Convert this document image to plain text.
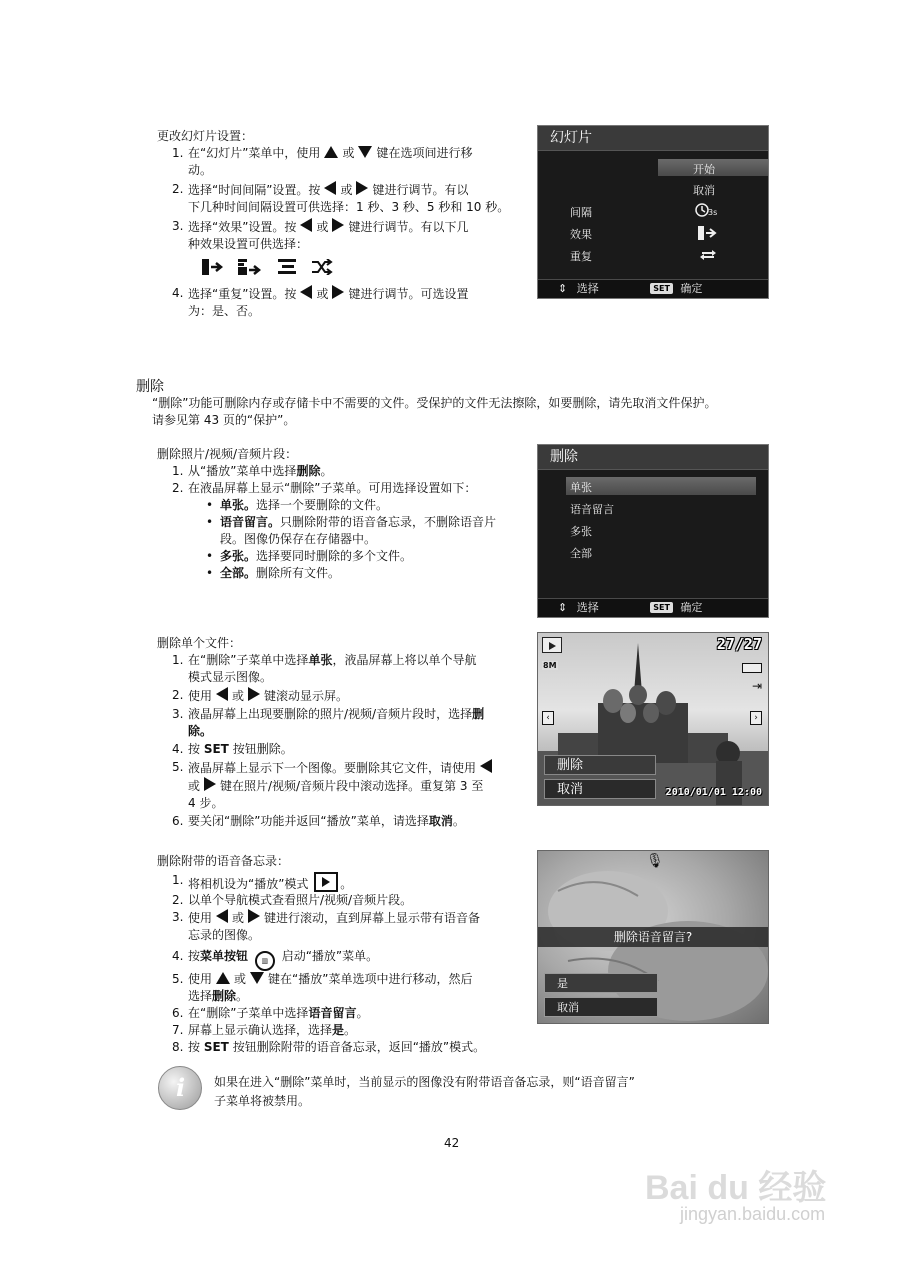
更改幻灯片设置：
1. 在“幻灯片”菜单中，使用 或 键在选项间进行移
动。
2. 选择“时间间隔”设置。按 或 键进行调节。有以
下几种时间间隔设置可供选择：1 秒、3 秒、5 秒和 10 秒。
3. 选择“效果”设置。按 或 键进行调节。有以下几
种效果设置可供选择：

4. 选择“重复”设置。按 或 键进行调节。可选设置
为：是、否。
幻灯片
开始
取消
间隔	3s
效果
重复
⇕ 选择	SET 确定
删除
“删除”功能可删除内存或存储卡中不需要的文件。受保护的文件无法擦除，如要删除，请先取消文件保护。
请参见第 43 页的“保护”。
删除照片/视频/音频片段：
1. 从“播放”菜单中选择删除。
2. 在液晶屏幕上显示“删除”子菜单。可用选择设置如下：
• 单张。选择一个要删除的文件。
• 语音留言。只删除附带的语音备忘录，不删除语音片
段。图像仍保存在存储器中。
• 多张。选择要同时删除的多个文件。
• 全部。删除所有文件。
删除
单张
语音留言
多张
全部
⇕ 选择	SET 确定
删除单个文件：
1. 在“删除”子菜单中选择单张，液晶屏幕上将以单个导航
模式显示图像。
2. 使用 或 键滚动显示屏。
3. 液晶屏幕上出现要删除的照片/视频/音频片段时，选择删
除。
4. 按 SET 按钮删除。
5. 液晶屏幕上显示下一个图像。要删除其它文件，请使用
或 键在照片/视频/音频片段中滚动选择。重复第 3 至
4 步。
6. 要关闭“删除”功能并返回“播放”菜单，请选择取消。
27/27
8M
⇥
‹	›
删除
取消	2010/01/01 12:00
删除附带的语音备忘录：
1. 将相机设为“播放”模式	。
2. 以单个导航模式查看照片/视频/音频片段。
3. 使用 或 键进行滚动，直到屏幕上显示带有语音备
忘录的图像。
4. 按菜单按钮 ▥ 启动“播放”菜单。
5. 使用 或 键在“播放”菜单选项中进行移动，然后
选择删除。
6. 在“删除”子菜单中选择语音留言。
7. 屏幕上显示确认选择，选择是。
8. 按 SET 按钮删除附带的语音备忘录，返回“播放”模式。
🎙
删除语音留言?
是
取消
i 如果在进入“删除”菜单时，当前显示的图像没有附带语音备忘录，则“语音留言”
子菜单将被禁用。
42
Bai du 经验
jingyan.baidu.com
